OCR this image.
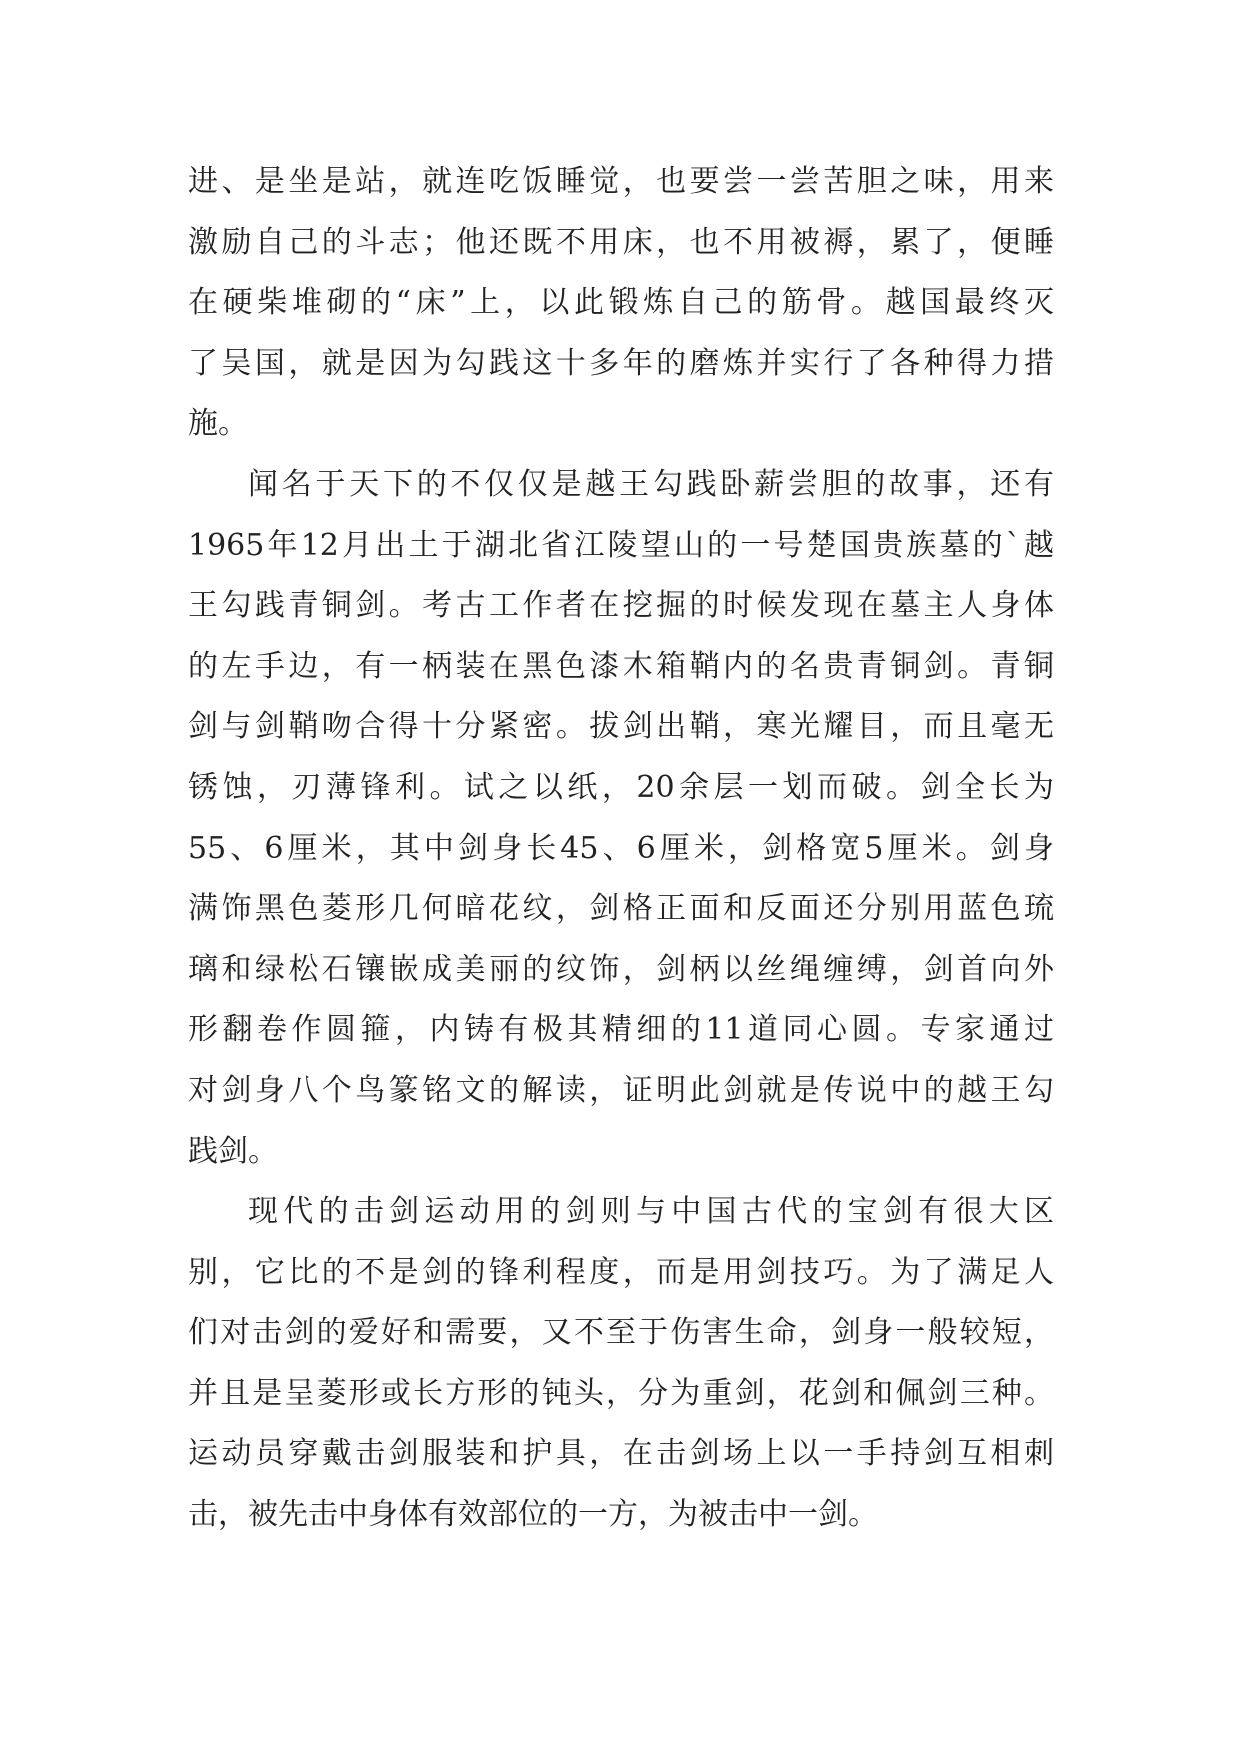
进、是坐是站，就连吃饭睡觉，也要尝一尝苦胆之味，用来
激励自己的斗志；他还既不用床，也不用被褥，累了，便睡
在硬柴堆砌的“床”上，以此锻炼自己的筋骨。越国最终灭
了吴国，就是因为勾践这十多年的磨炼并实行了各种得力措
施。
闻名于天下的不仅仅是越王勾践卧薪尝胆的故事，还有
1965年12月出土于湖北省江陵望山的一号楚国贵族墓的`越
王勾践青铜剑。考古工作者在挖掘的时候发现在墓主人身体
的左手边，有一柄装在黑色漆木箱鞘内的名贵青铜剑。青铜
剑与剑鞘吻合得十分紧密。拔剑出鞘，寒光耀目，而且毫无
锈蚀，刃薄锋利。试之以纸，20余层一划而破。剑全长为
55、6厘米，其中剑身长45、6厘米，剑格宽5厘米。剑身
满饰黑色菱形几何暗花纹，剑格正面和反面还分别用蓝色琉
璃和绿松石镶嵌成美丽的纹饰，剑柄以丝绳缠缚，剑首向外
形翻卷作圆箍，内铸有极其精细的11道同心圆。专家通过
对剑身八个鸟篆铭文的解读，证明此剑就是传说中的越王勾
践剑。
现代的击剑运动用的剑则与中国古代的宝剑有很大区
别，它比的不是剑的锋利程度，而是用剑技巧。为了满足人
们对击剑的爱好和需要，又不至于伤害生命，剑身一般较短，
并且是呈菱形或长方形的钝头，分为重剑，花剑和佩剑三种。
运动员穿戴击剑服装和护具，在击剑场上以一手持剑互相刺
击，被先击中身体有效部位的一方，为被击中一剑。
